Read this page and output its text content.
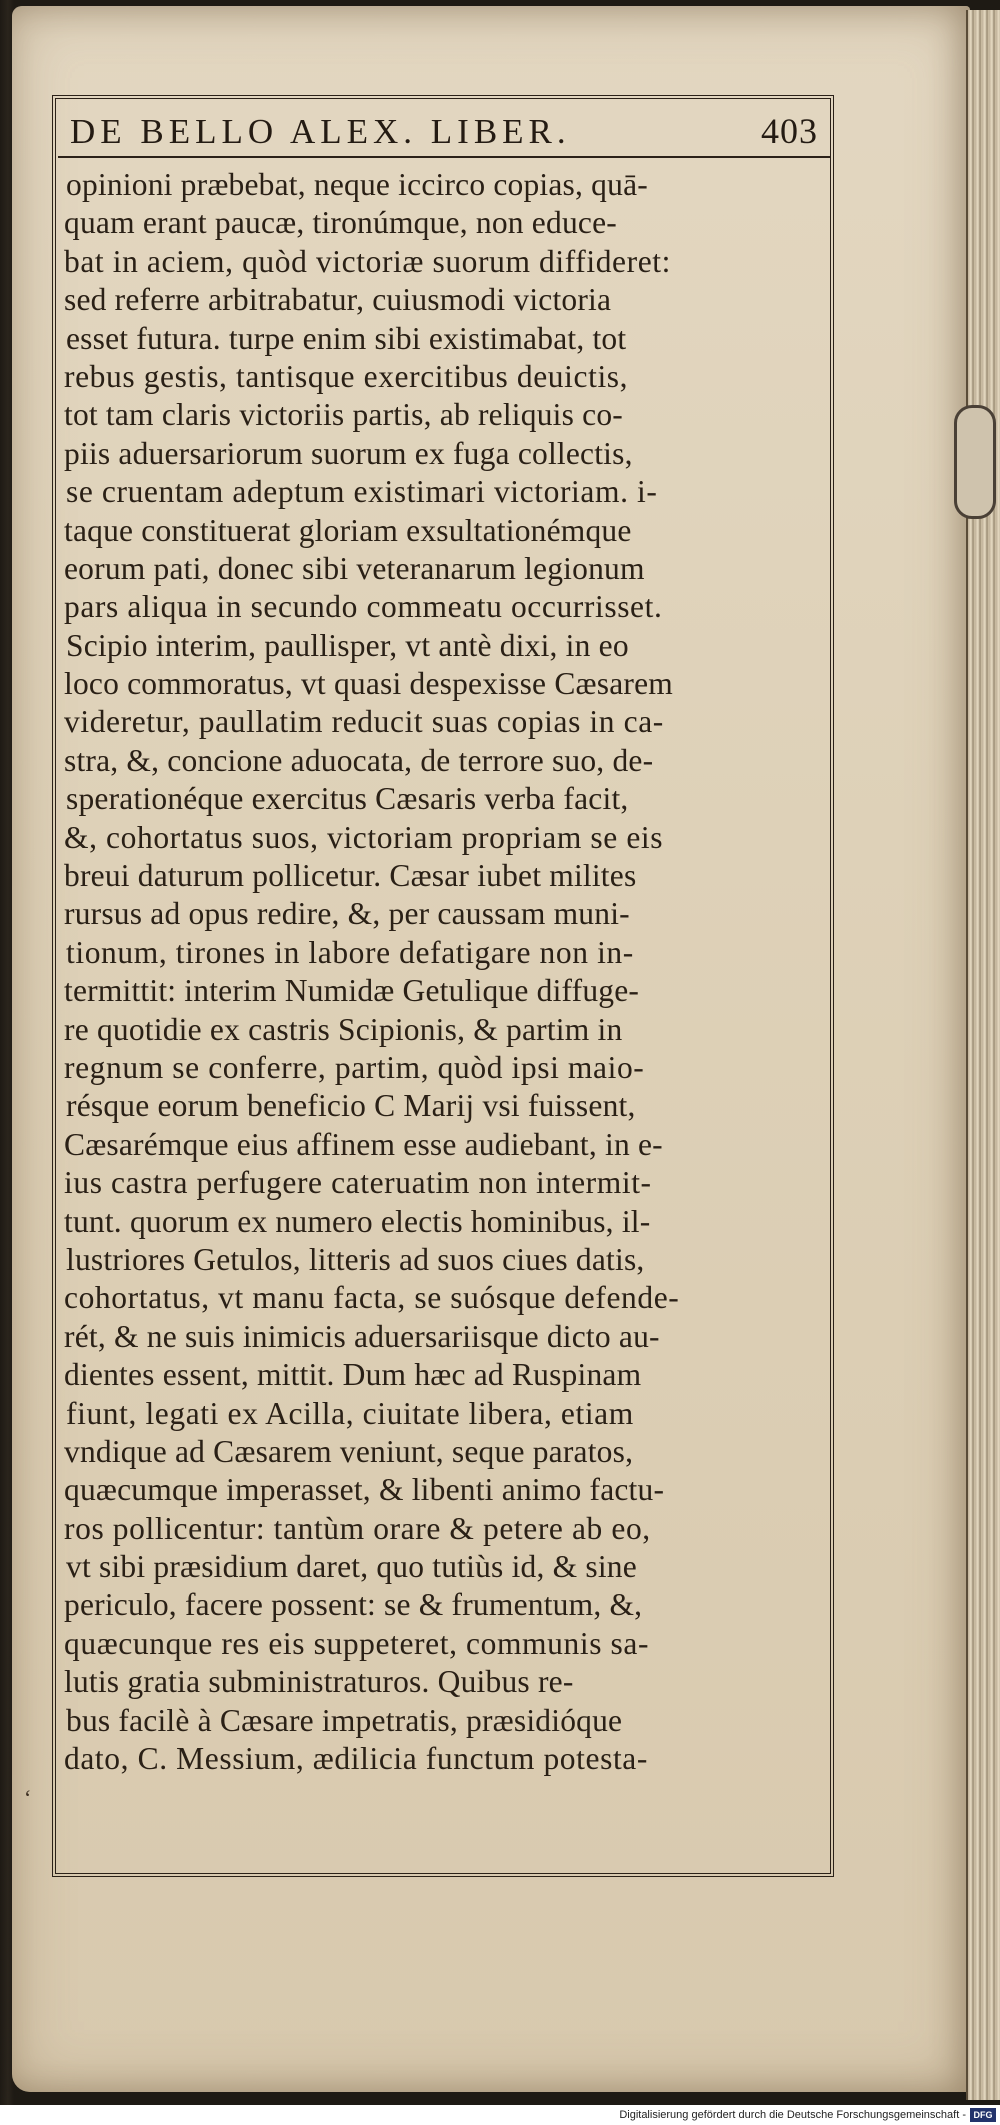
DE BELLO ALEX. LIBER.	403
opinioni præbebat, neque iccirco copias, quā-
quam erant paucæ, tironúmque, non educe-
bat in aciem, quòd victoriæ suorum diffideret:
sed referre arbitrabatur, cuiusmodi victoria
esset futura. turpe enim sibi existimabat, tot
rebus gestis, tantisque exercitibus deuictis,
tot tam claris victoriis partis, ab reliquis co-
piis aduersariorum suorum ex fuga collectis,
se cruentam adeptum existimari victoriam. i-
taque constituerat gloriam exsultationémque
eorum pati, donec sibi veteranarum legionum
pars aliqua in secundo commeatu occurrisset.
Scipio interim, paullisper, vt antè dixi, in eo
loco commoratus, vt quasi despexisse Cæsarem
videretur, paullatim reducit suas copias in ca-
stra, &, concione aduocata, de terrore suo, de-
sperationéque exercitus Cæsaris verba facit,
&, cohortatus suos, victoriam propriam se eis
breui daturum pollicetur. Cæsar iubet milites
rursus ad opus redire, &, per caussam muni-
tionum, tirones in labore defatigare non in-
termittit: interim Numidæ Getulique diffuge-
re quotidie ex castris Scipionis, & partim in
regnum se conferre, partim, quòd ipsi maio-
résque eorum beneficio C Marij vsi fuissent,
Cæsarémque eius affinem esse audiebant, in e-
ius castra perfugere cateruatim non intermit-
tunt. quorum ex numero electis hominibus, il-
lustriores Getulos, litteris ad suos ciues datis,
cohortatus, vt manu facta, se suósque defende-
rét, & ne suis inimicis aduersariisque dicto au-
dientes essent, mittit. Dum hæc ad Ruspinam
fiunt, legati ex Acilla, ciuitate libera, etiam
vndique ad Cæsarem veniunt, seque paratos,
quæcumque imperasset, & libenti animo factu-
ros pollicentur: tantùm orare & petere ab eo,
vt sibi præsidium daret, quo tutiùs id, & sine
periculo, facere possent: se & frumentum, &,
quæcunque res eis suppeteret, communis sa-
lutis gratia subministraturos. Quibus re-
bus facilè à Cæsare impetratis, præsidióque
dato, C. Messium, ædilicia functum potesta-
‘
Digitalisierung gefördert durch die Deutsche Forschungsgemeinschaft - DFG
